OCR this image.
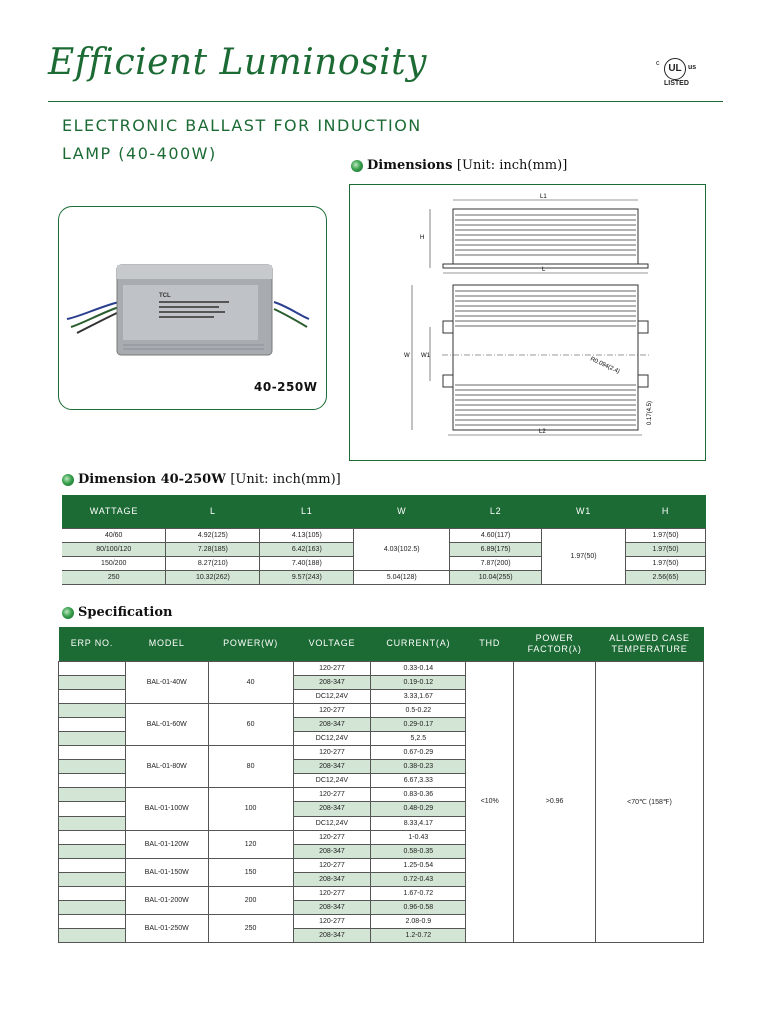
Efficient Luminosity	c UL us
LISTED
ELECTRONIC BALLAST FOR INDUCTION
LAMP (40-400W)
Dimensions [Unit: inch(mm)]
TCL
40-250W
L1
L
H
W W1
L2
R0.094(2.4)
0.17(4.5)
Dimension 40-250W [Unit: inch(mm)]
WATTAGE	L	L1	W	L2	W1	H
40/60	4.92(125)	4.13(105)	4.03(102.5)	4.60(117)	1.97(50)	1.97(50)
80/100/120	7.28(185)	6.42(163)		6.89(175)		1.97(50)
150/200	8.27(210)	7.40(188)		7.87(200)		1.97(50)
250	10.32(262)	9.57(243)	5.04(128)	10.04(255)		2.56(65)
Specification
ERP NO.	MODEL	POWER(W)	VOLTAGE	CURRENT(A)	THD	POWER FACTOR(λ)	ALLOWED CASE TEMPERATURE
	BAL-01-40W	40	120-277	0.33-0.14	<10%	>0.96	<70℃ (158℉)
			208-347	0.19-0.12			
			DC12,24V	3.33,1.67			
	BAL-01-60W	60	120-277	0.5-0.22			
			208-347	0.29-0.17			
			DC12,24V	5,2.5			
	BAL-01-80W	80	120-277	0.67-0.29			
			208-347	0.38-0.23			
			DC12,24V	6.67,3.33			
	BAL-01-100W	100	120-277	0.83-0.36			
			208-347	0.48-0.29			
			DC12,24V	8.33,4.17			
	BAL-01-120W	120	120-277	1-0.43			
			208-347	0.58-0.35			
	BAL-01-150W	150	120-277	1.25-0.54			
			208-347	0.72-0.43			
	BAL-01-200W	200	120-277	1.67-0.72			
			208-347	0.96-0.58			
	BAL-01-250W	250	120-277	2.08-0.9			
			208-347	1.2-0.72			
